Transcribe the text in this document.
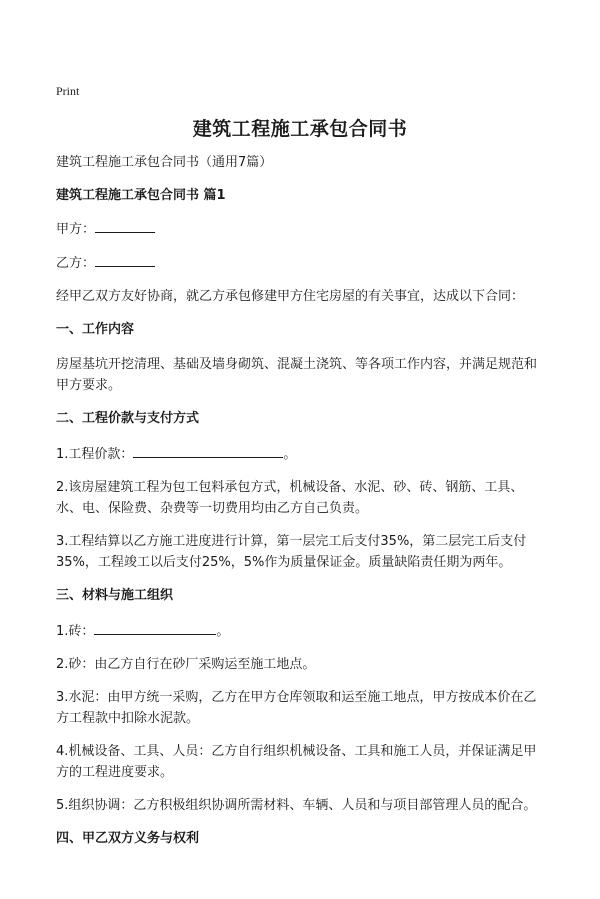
Print
建筑工程施工承包合同书

建筑工程施工承包合同书（通用7篇）

建筑工程施工承包合同书 篇1

甲方：

乙方：

经甲乙双方友好协商，就乙方承包修建甲方住宅房屋的有关事宜，达成以下合同：

一、工作内容

房屋基坑开挖清理、基础及墙身砌筑、混凝土浇筑、等各项工作内容，并满足规范和甲方要求。

二、工程价款与支付方式

1.工程价款：	。

2.该房屋建筑工程为包工包料承包方式，机械设备、水泥、砂、砖、钢筋、工具、水、电、保险费、杂费等一切费用均由乙方自己负责。

3.工程结算以乙方施工进度进行计算，第一层完工后支付35%，第二层完工后支付35%，工程竣工以后支付25%，5%作为质量保证金。质量缺陷责任期为两年。

三、材料与施工组织

1.砖：	。

2.砂：由乙方自行在砂厂采购运至施工地点。

3.水泥：由甲方统一采购，乙方在甲方仓库领取和运至施工地点，甲方按成本价在乙方工程款中扣除水泥款。

4.机械设备、工具、人员：乙方自行组织机械设备、工具和施工人员，并保证满足甲方的工程进度要求。

5.组织协调：乙方积极组织协调所需材料、车辆、人员和与项目部管理人员的配合。

四、甲乙双方义务与权利
